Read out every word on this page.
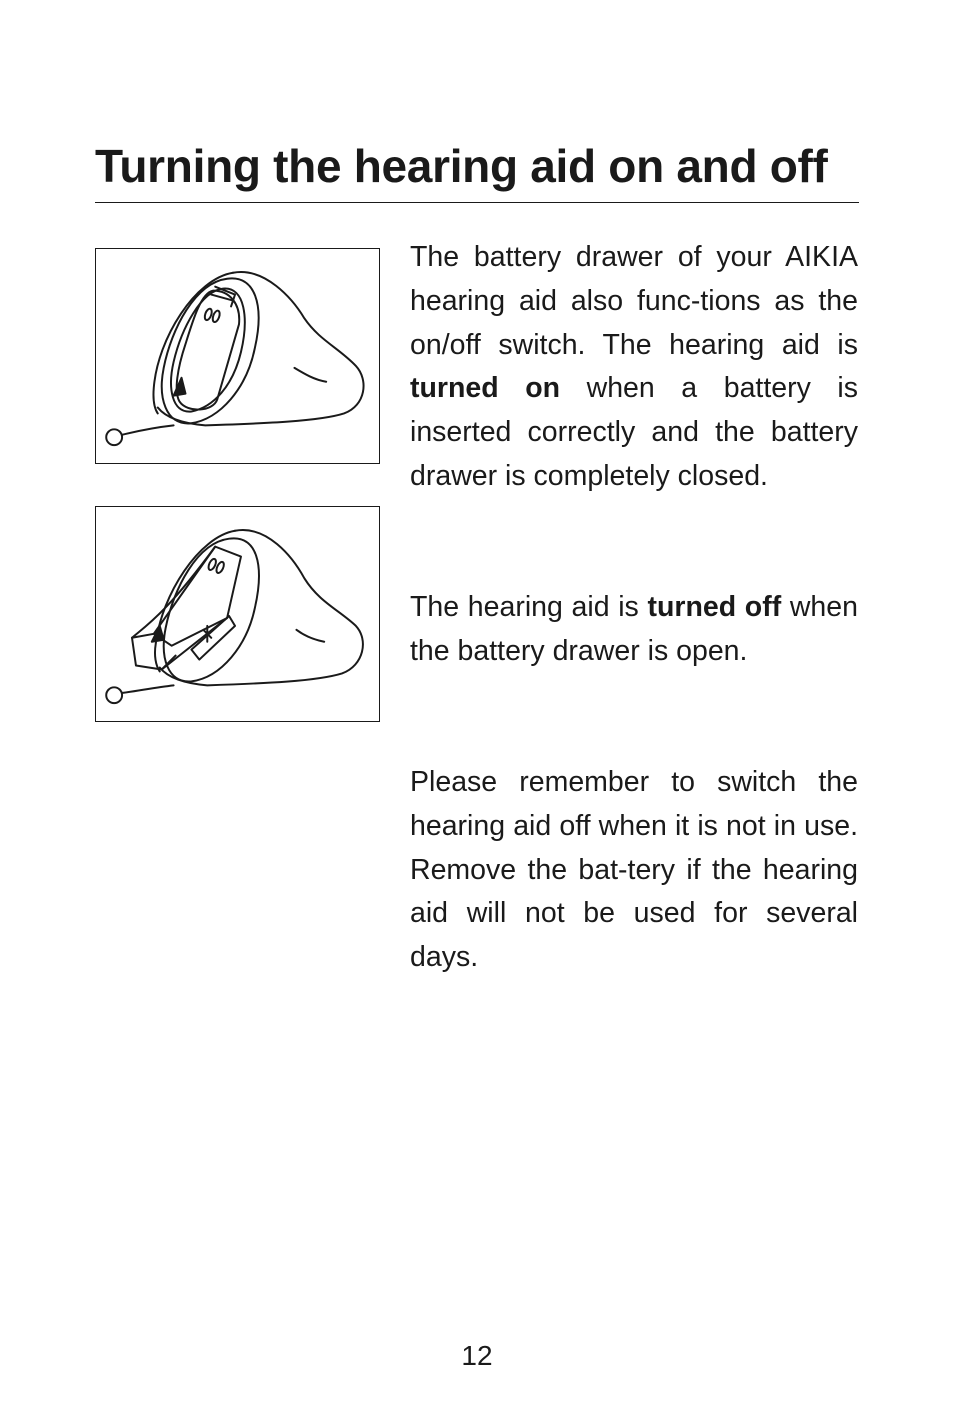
Turning the hearing aid on and off

The battery drawer of your AIKIA hearing aid also func-tions as the on/off switch. The hearing aid is turned on when a battery is inserted correctly and the battery drawer is completely closed.

The hearing aid is turned off when the battery drawer is open.

Please remember to switch the hearing aid off when it is not in use. Remove the bat-tery if the hearing aid will not be used for several days.

12
